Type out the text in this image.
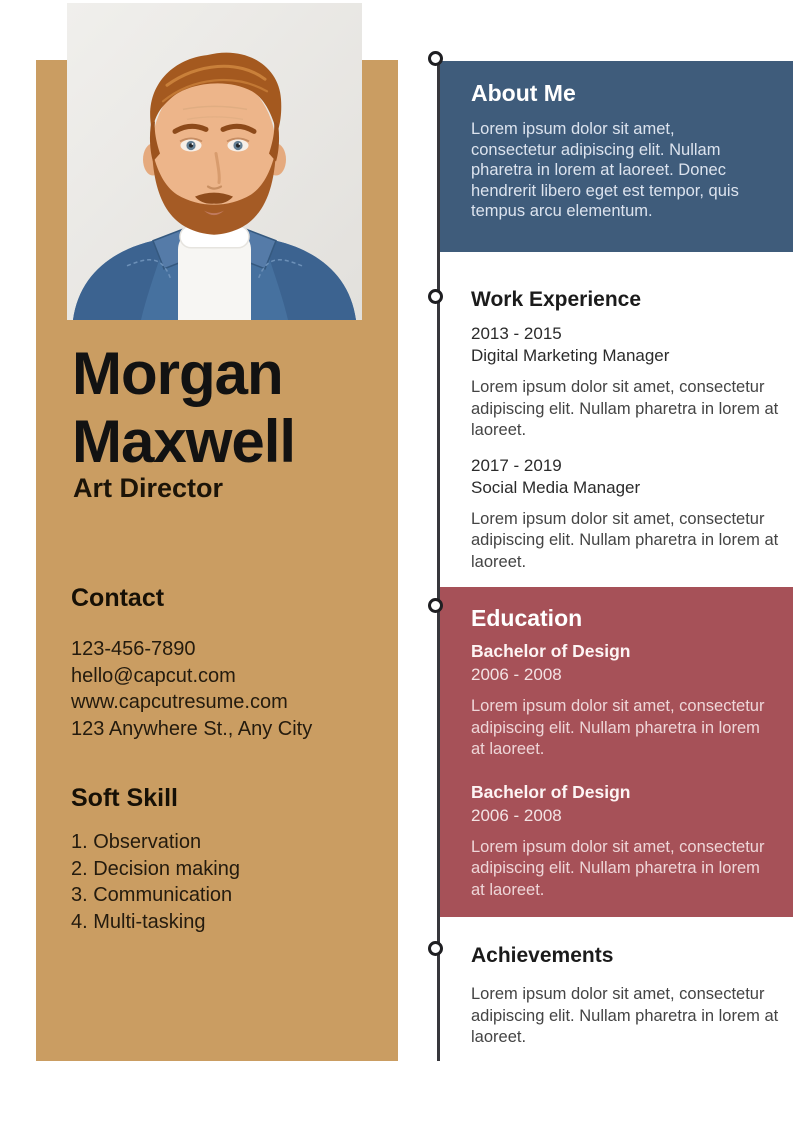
Morgan
Maxwell
Art Director
Contact
123-456-7890
hello@capcut.com
www.capcutresume.com
123 Anywhere St., Any City
Soft Skill
1. Observation
2. Decision making
3. Communication
4. Multi-tasking
About Me

Lorem ipsum dolor sit amet, consectetur adipiscing elit. Nullam pharetra in lorem at laoreet. Donec hendrerit libero eget est tempor, quis tempus arcu elementum.

Work Experience
2013 - 2015
Digital Marketing Manager

Lorem ipsum dolor sit amet, consectetur adipiscing elit. Nullam pharetra in lorem at laoreet.

2017 - 2019
Social Media Manager

Lorem ipsum dolor sit amet, consectetur adipiscing elit. Nullam pharetra in lorem at laoreet.

Education
Bachelor of Design
2006 - 2008

Lorem ipsum dolor sit amet, consectetur adipiscing elit. Nullam pharetra in lorem at laoreet.

Bachelor of Design
2006 - 2008

Lorem ipsum dolor sit amet, consectetur adipiscing elit. Nullam pharetra in lorem at laoreet.

Achievements

Lorem ipsum dolor sit amet, consectetur adipiscing elit. Nullam pharetra in lorem at laoreet.
